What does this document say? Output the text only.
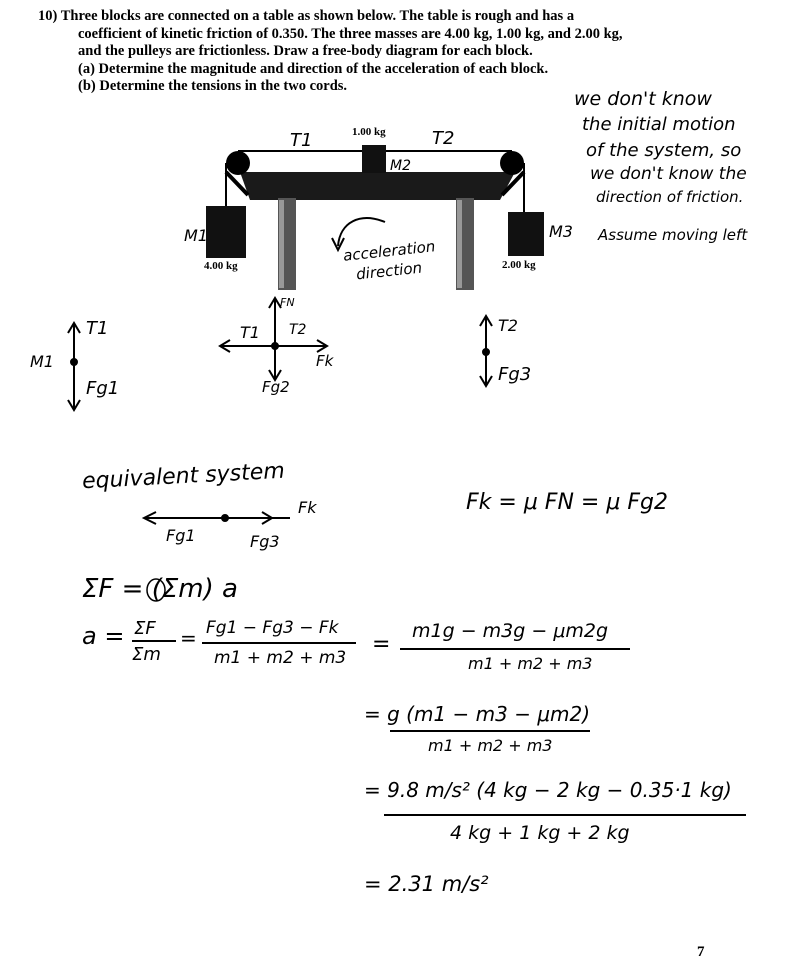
10) Three blocks are connected on a table as shown below. The table is rough and has a
coefficient of kinetic friction of 0.350. The three masses are 4.00 kg, 1.00 kg, and 2.00 kg,
and the pulleys are frictionless. Draw a free-body diagram for each block.
(a) Determine the magnitude and direction of the acceleration of each block.
(b) Determine the tensions in the two cords.
1.00 kg
4.00 kg	2.00 kg
T1	T2
M2
M1	M3
acceleration
direction
we don't know
the initial motion
of the system, so
we don't know the
direction of friction.
Assume moving left
M1
T1
Fg1
FN
T1 T2
Fk
Fg2
T2
Fg3
equivalent system
Fk
Fg1	Fg3
Fk = μ FN = μ Fg2
ΣF = (Σm) a
a = ΣF
Σm
= Fg1 − Fg3 − Fk
m1 + m2 + m3
=
m1g − m3g − μm2g
m1 + m2 + m3
= g (m1 − m3 − μm2)
m1 + m2 + m3
= 9.8 m/s² (4 kg − 2 kg − 0.35·1 kg)
4 kg + 1 kg + 2 kg
= 2.31 m/s²
7
